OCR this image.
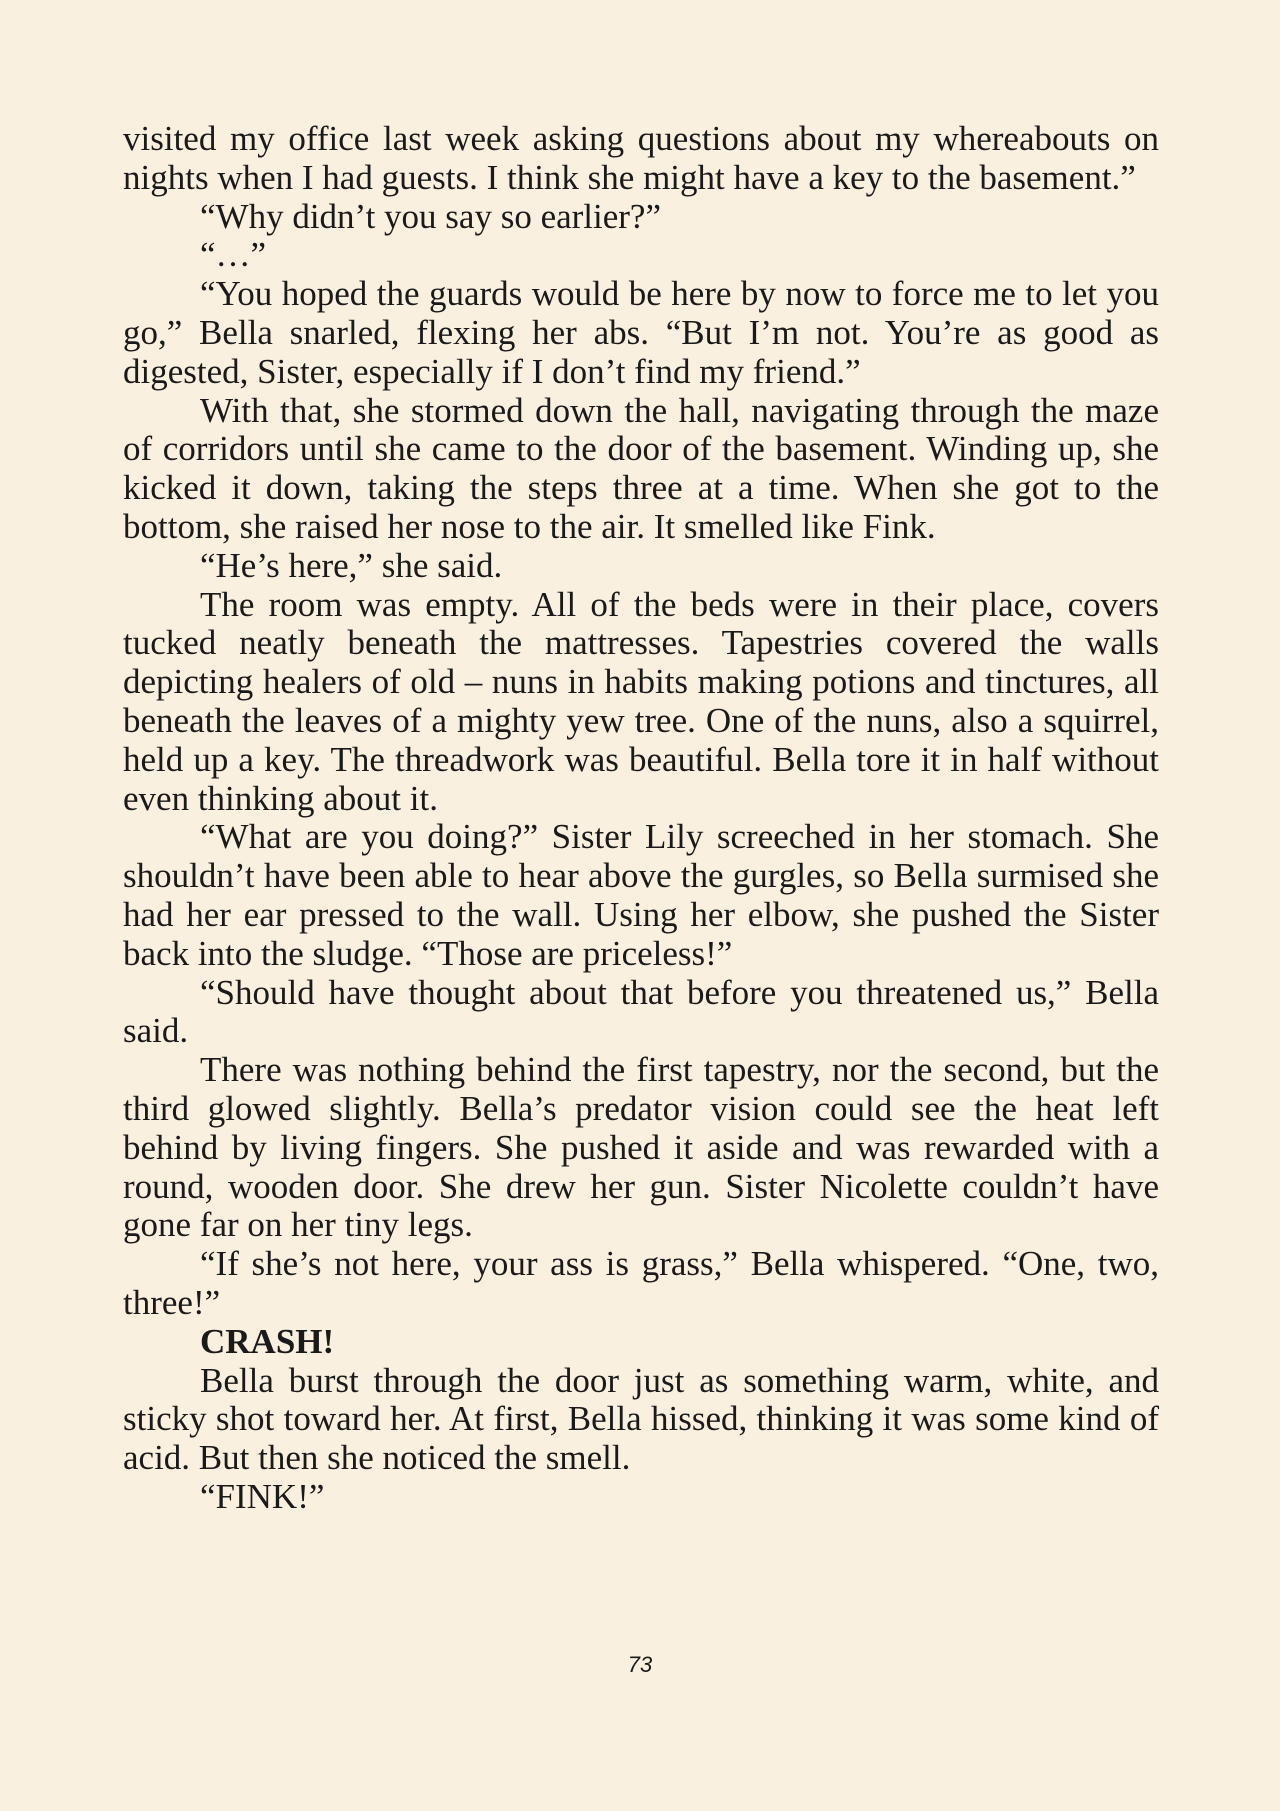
visited my office last week asking questions about my whereabouts on nights when I had guests. I think she might have a key to the basement.”

“Why didn’t you say so earlier?”

“…”

“You hoped the guards would be here by now to force me to let you go,” Bella snarled, flexing her abs. “But I’m not. You’re as good as digested, Sister, especially if I don’t find my friend.”

With that, she stormed down the hall, navigating through the maze of corridors until she came to the door of the basement. Winding up, she kicked it down, taking the steps three at a time. When she got to the bottom, she raised her nose to the air. It smelled like Fink.

“He’s here,” she said.

The room was empty. All of the beds were in their place, covers tucked neatly beneath the mattresses. Tapestries covered the walls depicting healers of old – nuns in habits making potions and tinctures, all beneath the leaves of a mighty yew tree. One of the nuns, also a squirrel, held up a key. The threadwork was beautiful. Bella tore it in half without even thinking about it.

“What are you doing?” Sister Lily screeched in her stomach. She shouldn’t have been able to hear above the gurgles, so Bella surmised she had her ear pressed to the wall. Using her elbow, she pushed the Sister back into the sludge. “Those are priceless!”

“Should have thought about that before you threatened us,” Bella said.

There was nothing behind the first tapestry, nor the second, but the third glowed slightly. Bella’s predator vision could see the heat left behind by living fingers. She pushed it aside and was rewarded with a round, wooden door. She drew her gun. Sister Nicolette couldn’t have gone far on her tiny legs.

“If she’s not here, your ass is grass,” Bella whispered. “One, two, three!”

CRASH!

Bella burst through the door just as something warm, white, and sticky shot toward her. At first, Bella hissed, thinking it was some kind of acid. But then she noticed the smell.

“FINK!”

73
